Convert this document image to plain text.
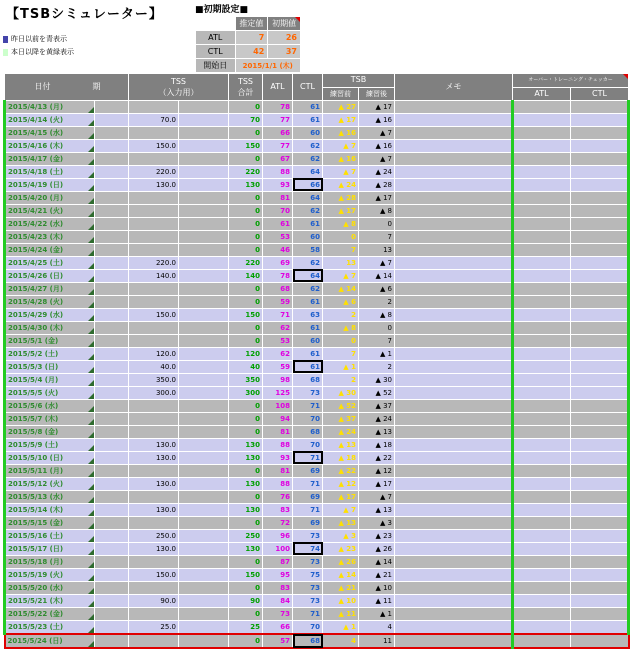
【TSBシミュレーター】
昨日以前を青表示
本日以降を黄緑表示
■初期設定■
	推定値	初期値

ATL	7	26
CTL	42	37
開始日	2015/1/1 (木)	
日付 期		TSS
（入力用）		TSS
合計	ATL	CTL	TSB		メモ	オーバー・トレーニング・チェッカー	

							練習前	練習後		ATL	CTL
2015/4/13 (月)				0	78	61	▲ 27	▲ 17			
2015/4/14 (火)		70.0		70	77	61	▲ 17	▲ 16			
2015/4/15 (水)				0	66	60	▲ 16	▲ 7			
2015/4/16 (木)		150.0		150	77	62	▲ 7	▲ 16			
2015/4/17 (金)				0	67	62	▲ 16	▲ 7			
2015/4/18 (土)		220.0		220	88	64	▲ 7	▲ 24			
2015/4/19 (日)		130.0		130	93	66	▲ 24	▲ 28			
2015/4/20 (月)				0	81	64	▲ 28	▲ 17			
2015/4/21 (火)				0	70	62	▲ 17	▲ 8			
2015/4/22 (水)				0	61	61	▲ 8	0			
2015/4/23 (木)				0	53	60	0	7			
2015/4/24 (金)				0	46	58	7	13			
2015/4/25 (土)		220.0		220	69	62	13	▲ 7			
2015/4/26 (日)		140.0		140	78	64	▲ 7	▲ 14			
2015/4/27 (月)				0	68	62	▲ 14	▲ 6			
2015/4/28 (火)				0	59	61	▲ 6	2			
2015/4/29 (水)		150.0		150	71	63	2	▲ 8			
2015/4/30 (木)				0	62	61	▲ 8	0			
2015/5/1 (金)				0	53	60	0	7			
2015/5/2 (土)		120.0		120	62	61	7	▲ 1			
2015/5/3 (日)		40.0		40	59	61	▲ 1	2			
2015/5/4 (月)		350.0		350	98	68	2	▲ 30			
2015/5/5 (火)		300.0		300	125	73	▲ 30	▲ 52			
2015/5/6 (水)				0	108	71	▲ 52	▲ 37			
2015/5/7 (木)				0	94	70	▲ 37	▲ 24			
2015/5/8 (金)				0	81	68	▲ 24	▲ 13			
2015/5/9 (土)		130.0		130	88	70	▲ 13	▲ 18			
2015/5/10 (日)		130.0		130	93	71	▲ 18	▲ 22			
2015/5/11 (月)				0	81	69	▲ 22	▲ 12			
2015/5/12 (火)		130.0		130	88	71	▲ 12	▲ 17			
2015/5/13 (水)				0	76	69	▲ 17	▲ 7			
2015/5/14 (木)		130.0		130	83	71	▲ 7	▲ 13			
2015/5/15 (金)				0	72	69	▲ 13	▲ 3			
2015/5/16 (土)		250.0		250	96	73	▲ 3	▲ 23			
2015/5/17 (日)		130.0		130	100	74	▲ 23	▲ 26			
2015/5/18 (月)				0	87	73	▲ 26	▲ 14			
2015/5/19 (火)		150.0		150	95	75	▲ 14	▲ 21			
2015/5/20 (水)				0	83	73	▲ 21	▲ 10			
2015/5/21 (木)		90.0		90	84	73	▲ 10	▲ 11			
2015/5/22 (金)				0	73	71	▲ 11	▲ 1			
2015/5/23 (土)		25.0		25	66	70	▲ 1	4			
2015/5/24 (日)				0	57	68	4	11			
